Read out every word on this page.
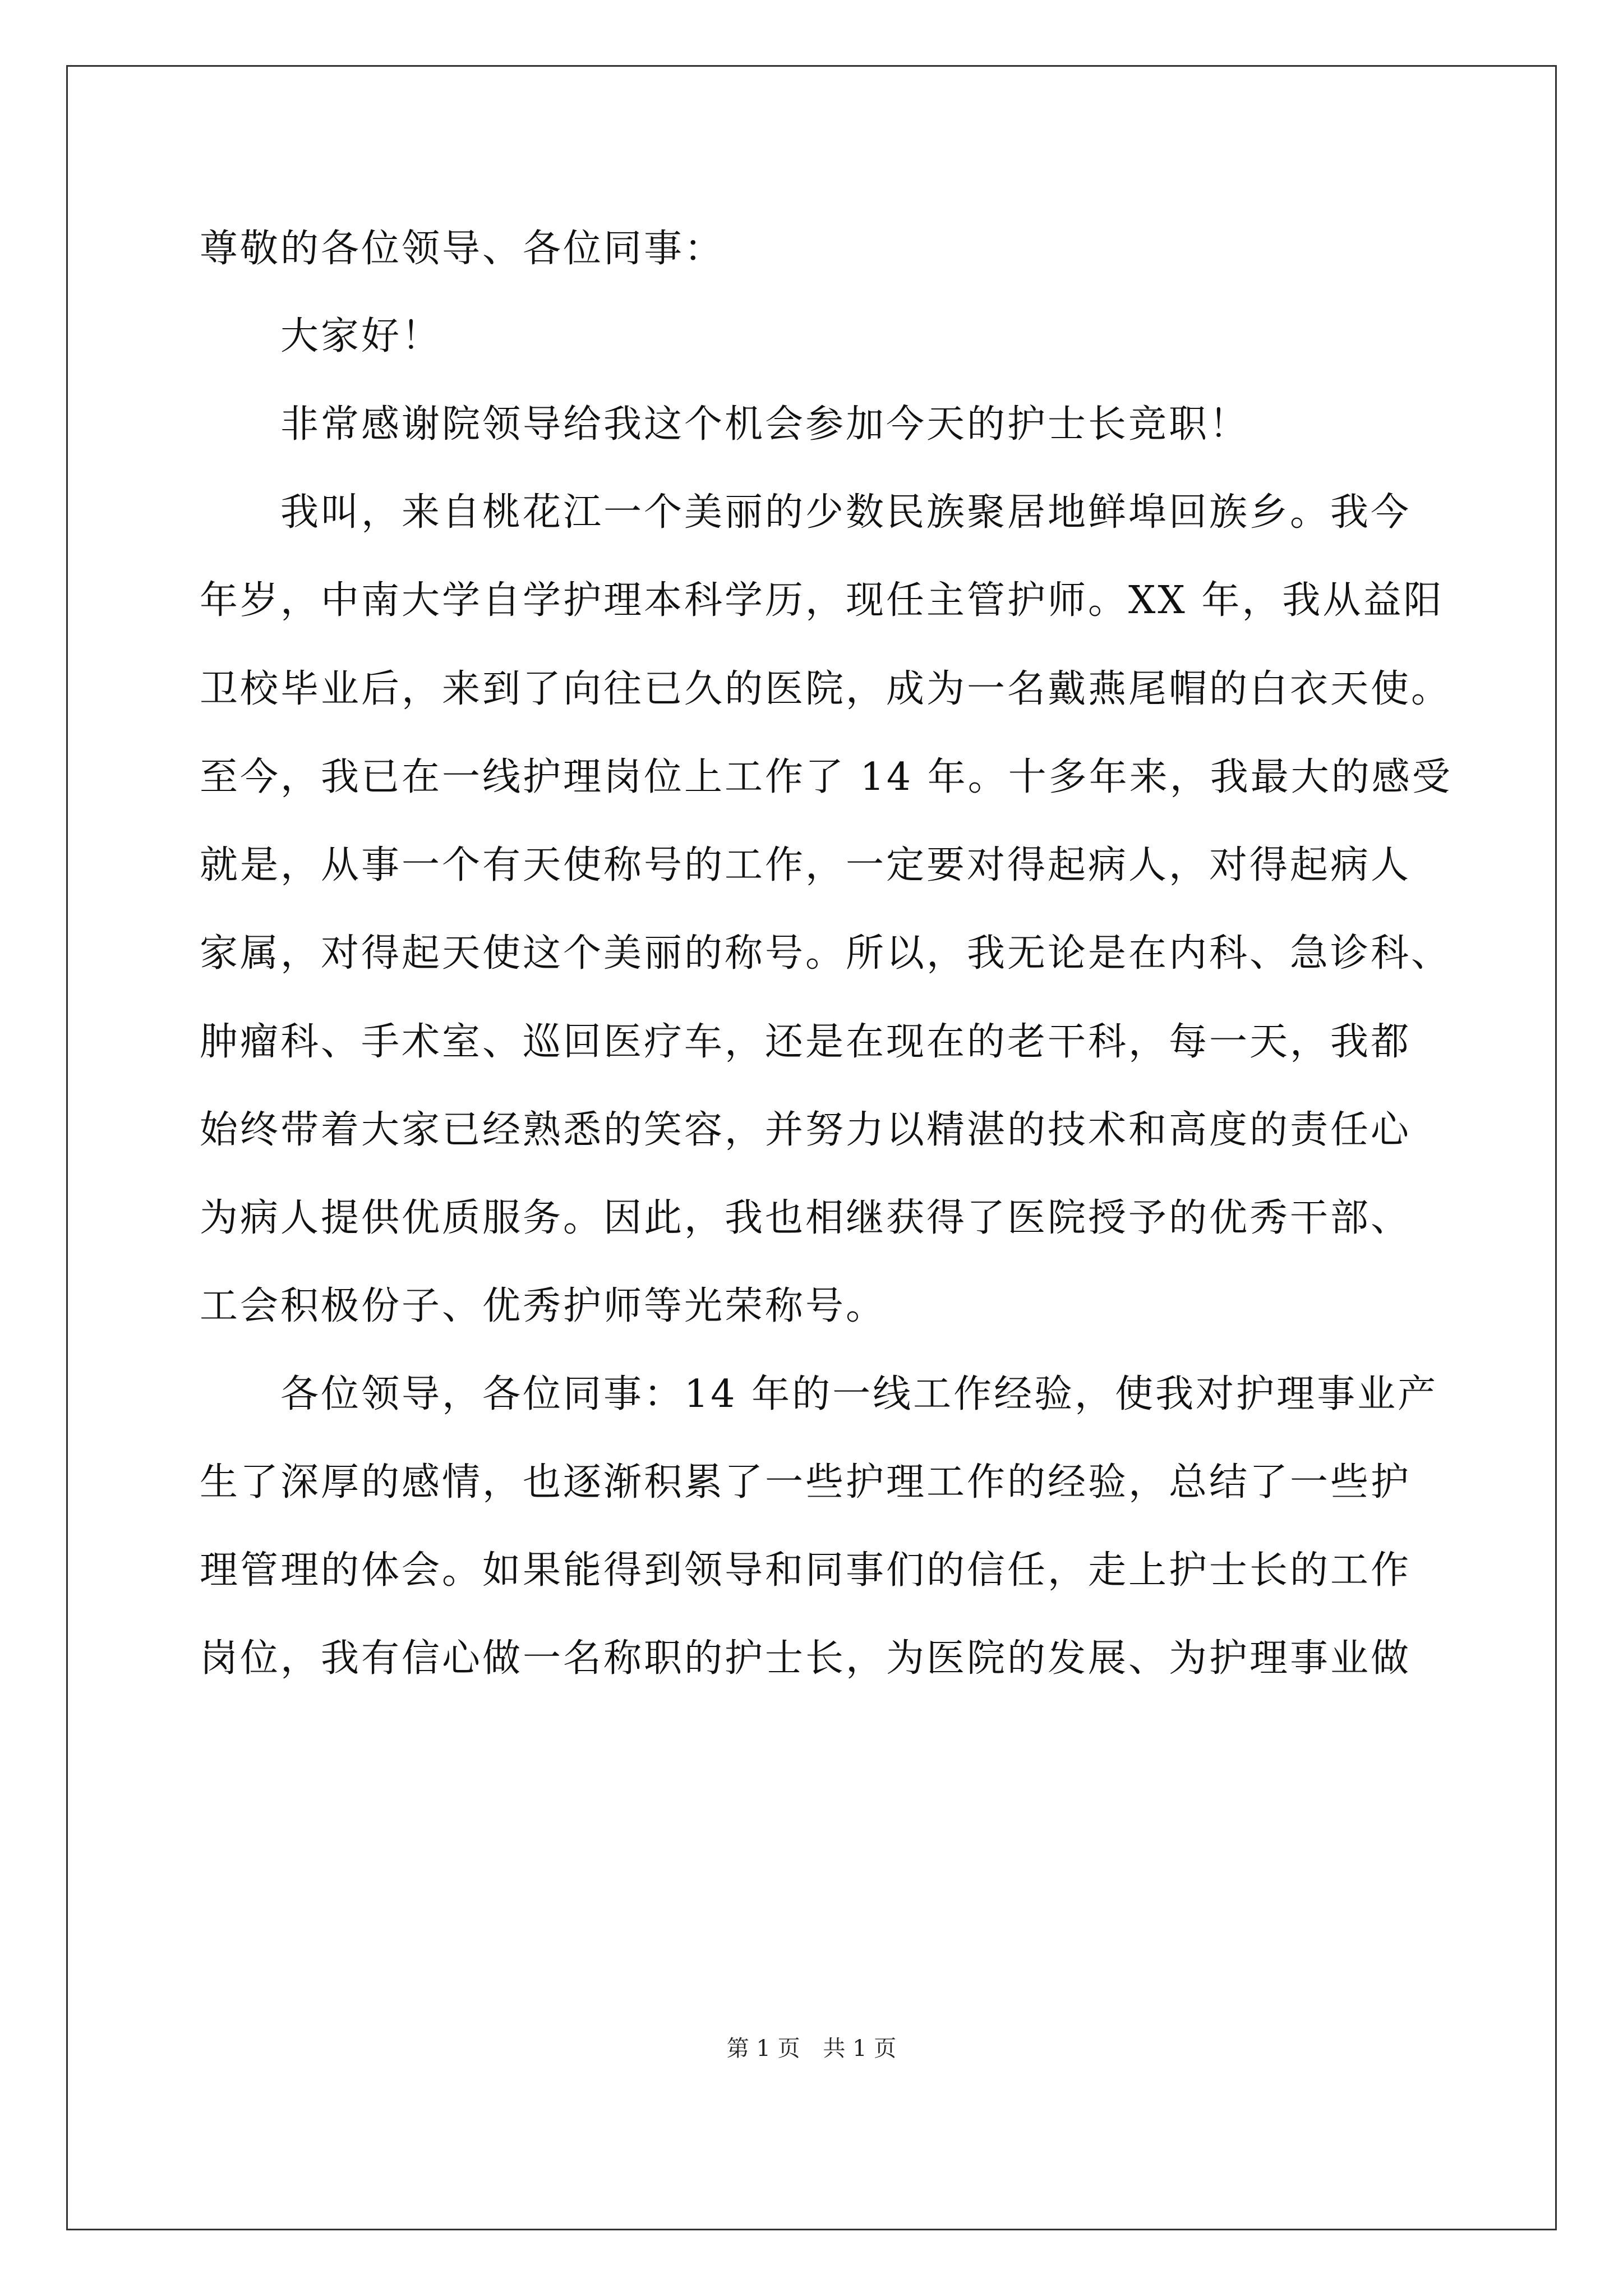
尊敬的各位领导、各位同事：
大家好！
非常感谢院领导给我这个机会参加今天的护士长竞职！
我叫，来自桃花江一个美丽的少数民族聚居地鲜埠回族乡。我今
年岁，中南大学自学护理本科学历，现任主管护师。XX 年，我从益阳
卫校毕业后，来到了向往已久的医院，成为一名戴燕尾帽的白衣天使。
至今，我已在一线护理岗位上工作了 14 年。十多年来，我最大的感受
就是，从事一个有天使称号的工作，一定要对得起病人，对得起病人
家属，对得起天使这个美丽的称号。所以，我无论是在内科、急诊科、
肿瘤科、手术室、巡回医疗车，还是在现在的老干科，每一天，我都
始终带着大家已经熟悉的笑容，并努力以精湛的技术和高度的责任心
为病人提供优质服务。因此，我也相继获得了医院授予的优秀干部、
工会积极份子、优秀护师等光荣称号。
各位领导，各位同事：14 年的一线工作经验，使我对护理事业产
生了深厚的感情，也逐渐积累了一些护理工作的经验，总结了一些护
理管理的体会。如果能得到领导和同事们的信任，走上护士长的工作
岗位，我有信心做一名称职的护士长，为医院的发展、为护理事业做
第 1 页 共 1 页
